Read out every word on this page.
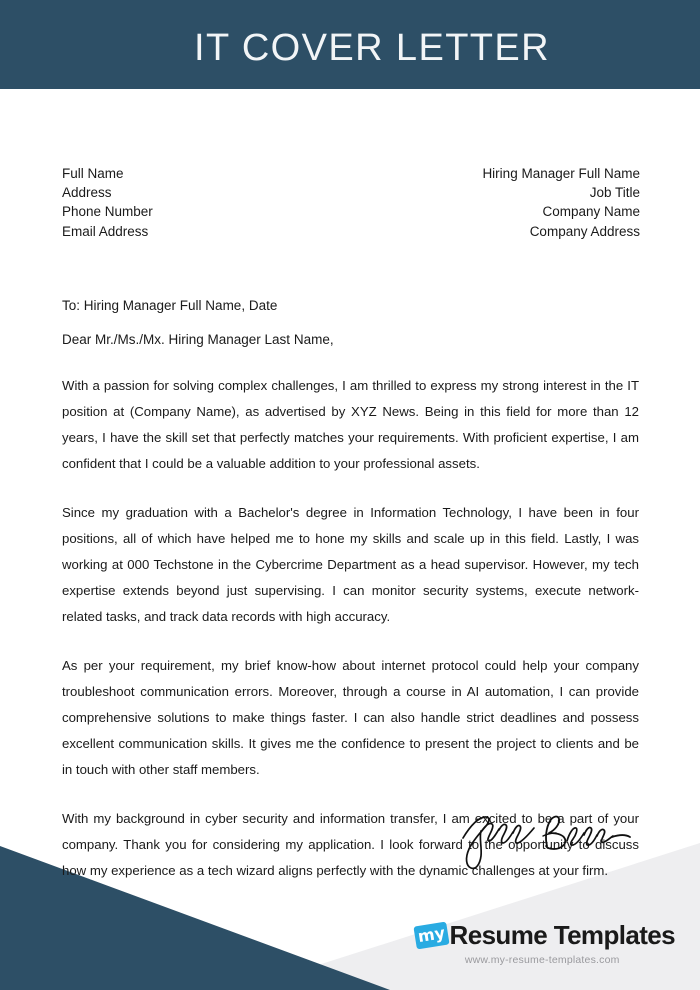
IT COVER LETTER
Full Name
Address
Phone Number
Email Address
Hiring Manager Full Name
Job Title
Company Name
Company Address
To: Hiring Manager Full Name, Date
Dear Mr./Ms./Mx. Hiring Manager Last Name,

With a passion for solving complex challenges, I am thrilled to express my strong interest in the IT position at (Company Name), as advertised by XYZ News. Being in this field for more than 12 years, I have the skill set that perfectly matches your requirements. With proficient expertise, I am confident that I could be a valuable addition to your professional assets.

Since my graduation with a Bachelor's degree in Information Technology, I have been in four positions, all of which have helped me to hone my skills and scale up in this field. Lastly, I was working at 000 Techstone in the Cybercrime Department as a head supervisor. However, my tech expertise extends beyond just supervising. I can monitor security systems, execute network-related tasks, and track data records with high accuracy.

As per your requirement, my brief know-how about internet protocol could help your company troubleshoot communication errors. Moreover, through a course in AI automation, I can provide comprehensive solutions to make things faster. I can also handle strict deadlines and possess excellent communication skills. It gives me the confidence to present the project to clients and be in touch with other staff members.

With my background in cyber security and information transfer, I am excited to be a part of your company. Thank you for considering my application. I look forward to the opportunity to discuss how my experience as a tech wizard aligns perfectly with the dynamic challenges at your firm.

my Resume Templates
www.my-resume-templates.com
